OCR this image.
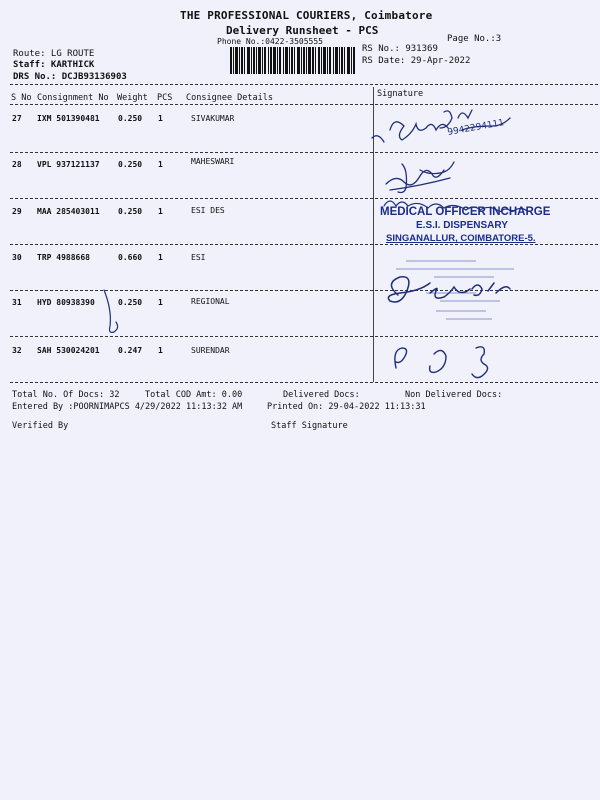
THE PROFESSIONAL COURIERS, Coimbatore
Delivery Runsheet - PCS
Phone No.:0422-3505555	Page No.:3
Route: LG ROUTE
Staff: KARTHICK
DRS No.: DCJB93136903
RS No.: 931369
RS Date: 29-Apr-2022
S No Consignment No Weight PCS Consignee Details	Signature
27 IXM 501390481 0.250 1	SIVAKUMAR
28 VPL 937121137 0.250 1	MAHESWARI
29 MAA 285403011 0.250 1	ESI DES
30 TRP 4988668	0.660 1	ESI
31 HYD 80938390	0.250 1	REGIONAL
32 SAH 530024201 0.247 1	SURENDAR
9942294111
MEDICAL OFFICER INCHARGE
E.S.I. DISPENSARY
SINGANALLUR, COIMBATORE-5.
Total No. Of Docs: 32	Total COD Amt: 0.00	Delivered Docs:	Non Delivered Docs:
Entered By :POORNIMAPCS 4/29/2022 11:13:32 AM	Printed On: 29-04-2022 11:13:31
Verified By	Staff Signature
